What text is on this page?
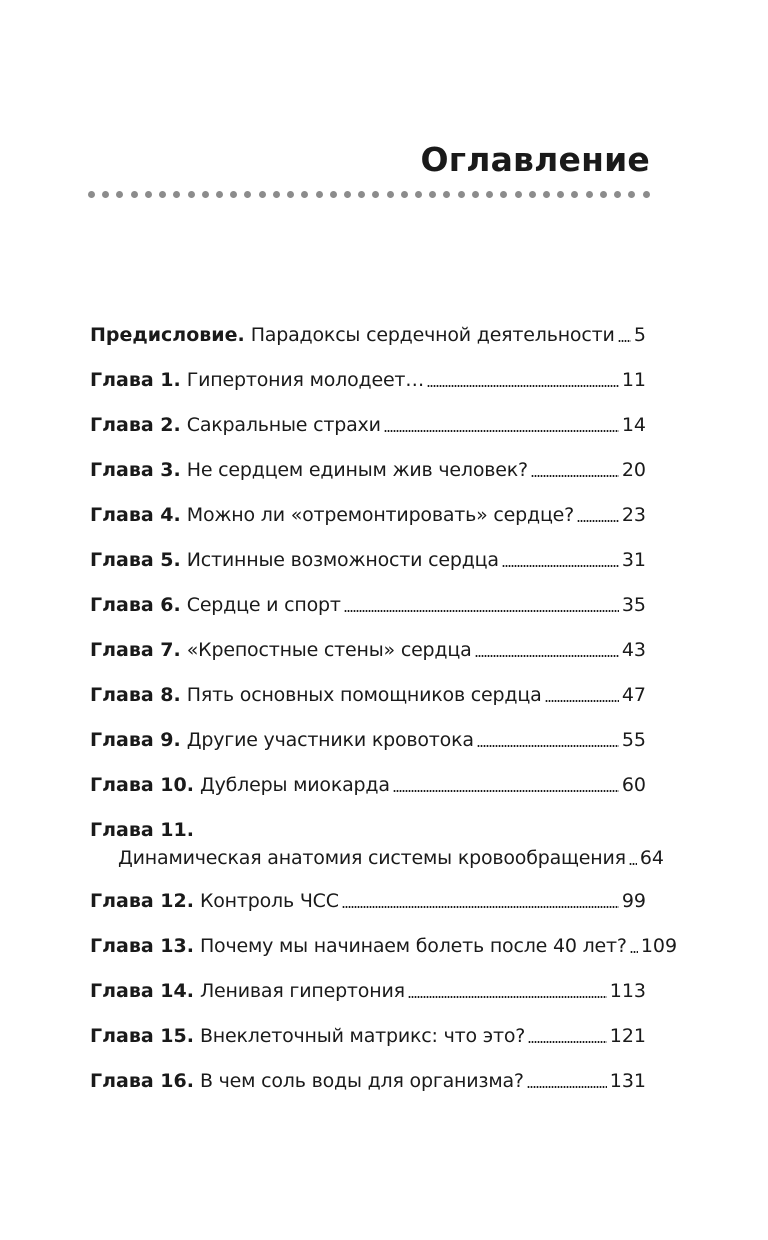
Оглавление
Предисловие. Парадоксы сердечной деятельности 5
Глава 1. Гипертония молодеет…	11
Глава 2. Сакральные страхи	14
Глава 3. Не сердцем единым жив человек?	20
Глава 4. Можно ли «отремонтировать» сердце?	23
Глава 5. Истинные возможности сердца	31
Глава 6. Сердце и спорт	35
Глава 7. «Крепостные стены» сердца	43
Глава 8. Пять основных помощников сердца	47
Глава 9. Другие участники кровотока	55
Глава 10. Дублеры миокарда	60
Глава 11.
Динамическая анатомия системы кровообращения 64
Глава 12. Контроль ЧСС	99
Глава 13. Почему мы начинаем болеть после 40 лет? 109
Глава 14. Ленивая гипертония	113
Глава 15. Внеклеточный матрикс: что это?	121
Глава 16. В чем соль воды для организма?	131
